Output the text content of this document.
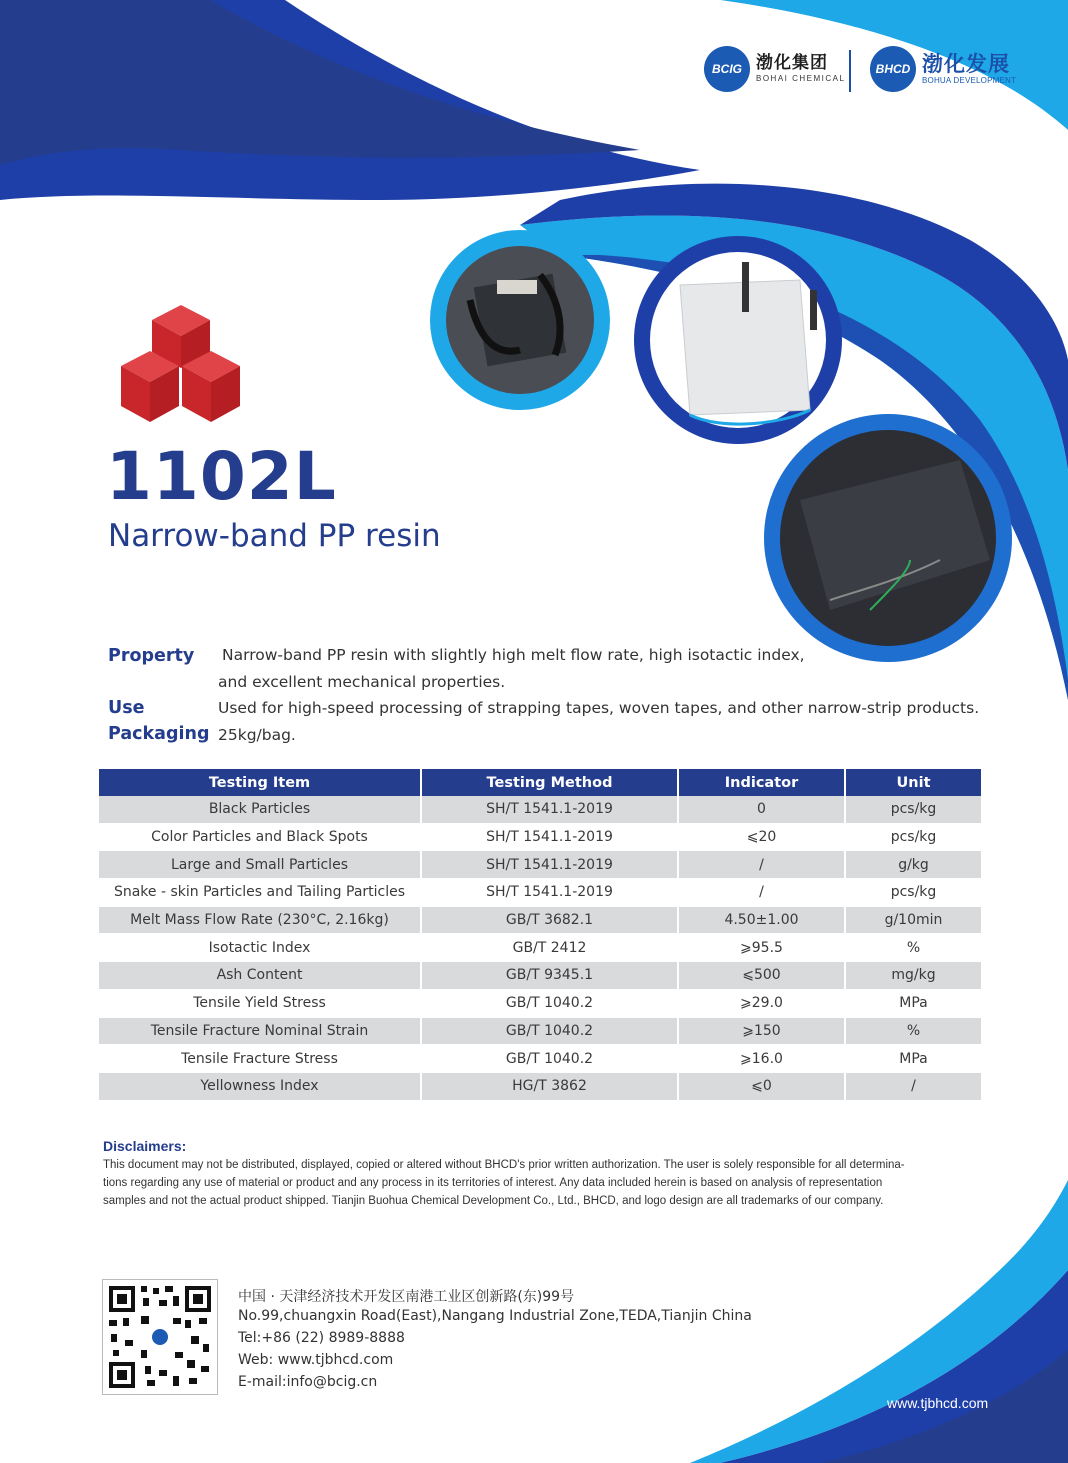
BCIG 渤化集团
BOHAI CHEMICAL
BHCD 渤化发展
BOHUA DEVELOPMENT
1102L
Narrow-band PP resin
Property Narrow-band PP resin with slightly high melt flow rate, high isotactic index,
and excellent mechanical properties.
Use	Used for high-speed processing of strapping tapes, woven tapes, and other narrow-strip products.
Packaging 25kg/bag.
Testing Item	Testing Method	Indicator	Unit
Black Particles	SH/T 1541.1-2019	0	pcs/kg
Color Particles and Black Spots	SH/T 1541.1-2019	⩽20	pcs/kg
Large and Small Particles	SH/T 1541.1-2019	/	g/kg
Snake - skin Particles and Tailing Particles	SH/T 1541.1-2019	/	pcs/kg
Melt Mass Flow Rate (230°C, 2.16kg)	GB/T 3682.1	4.50±1.00	g/10min
Isotactic Index	GB/T 2412	⩾95.5	%
Ash Content	GB/T 9345.1	⩽500	mg/kg
Tensile Yield Stress	GB/T 1040.2	⩾29.0	MPa
Tensile Fracture Nominal Strain	GB/T 1040.2	⩾150	%
Tensile Fracture Stress	GB/T 1040.2	⩾16.0	MPa
Yellowness Index	HG/T 3862	⩽0	/
Disclaimers:
This document may not be distributed, displayed, copied or altered without BHCD's prior written authorization. The user is solely responsible for all determina-
tions regarding any use of material or product and any process in its territories of interest. Any data included herein is based on analysis of representation
samples and not the actual product shipped. Tianjin Buohua Chemical Development Co., Ltd., BHCD, and logo design are all trademarks of our company.
中国 · 天津经济技术开发区南港工业区创新路(东)99号
No.99,chuangxin Road(East),Nangang Industrial Zone,TEDA,Tianjin China
Tel:+86 (22) 8989-8888
Web: www.tjbhcd.com
E-mail:info@bcig.cn
www.tjbhcd.com
